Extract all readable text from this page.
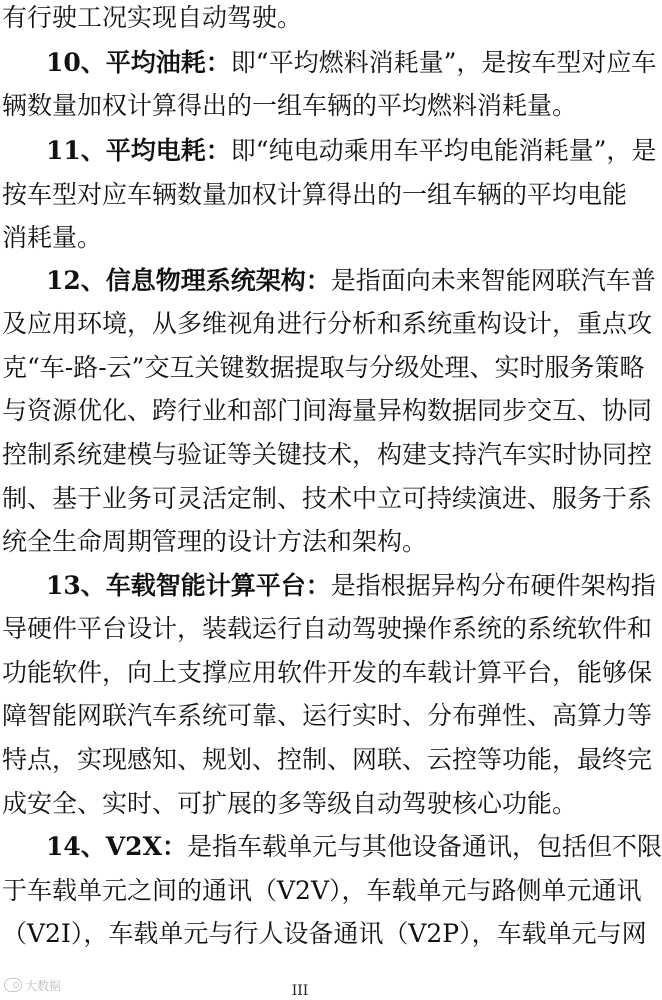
有行驶工况实现自动驾驶。
10、平均油耗：即“平均燃料消耗量”，是按车型对应车
辆数量加权计算得出的一组车辆的平均燃料消耗量。
11、平均电耗：即“纯电动乘用车平均电能消耗量”，是
按车型对应车辆数量加权计算得出的一组车辆的平均电能
消耗量。
12、信息物理系统架构：是指面向未来智能网联汽车普
及应用环境，从多维视角进行分析和系统重构设计，重点攻
克“车-路-云”交互关键数据提取与分级处理、实时服务策略
与资源优化、跨行业和部门间海量异构数据同步交互、协同
控制系统建模与验证等关键技术，构建支持汽车实时协同控
制、基于业务可灵活定制、技术中立可持续演进、服务于系
统全生命周期管理的设计方法和架构。
13、车载智能计算平台：是指根据异构分布硬件架构指
导硬件平台设计，装载运行自动驾驶操作系统的系统软件和
功能软件，向上支撑应用软件开发的车载计算平台，能够保
障智能网联汽车系统可靠、运行实时、分布弹性、高算力等
特点，实现感知、规划、控制、网联、云控等功能，最终完
成安全、实时、可扩展的多等级自动驾驶核心功能。
14、V2X：是指车载单元与其他设备通讯，包括但不限
于车载单元之间的通讯（V2V），车载单元与路侧单元通讯
（V2I），车载单元与行人设备通讯（V2P），车载单元与网
大数据	III
